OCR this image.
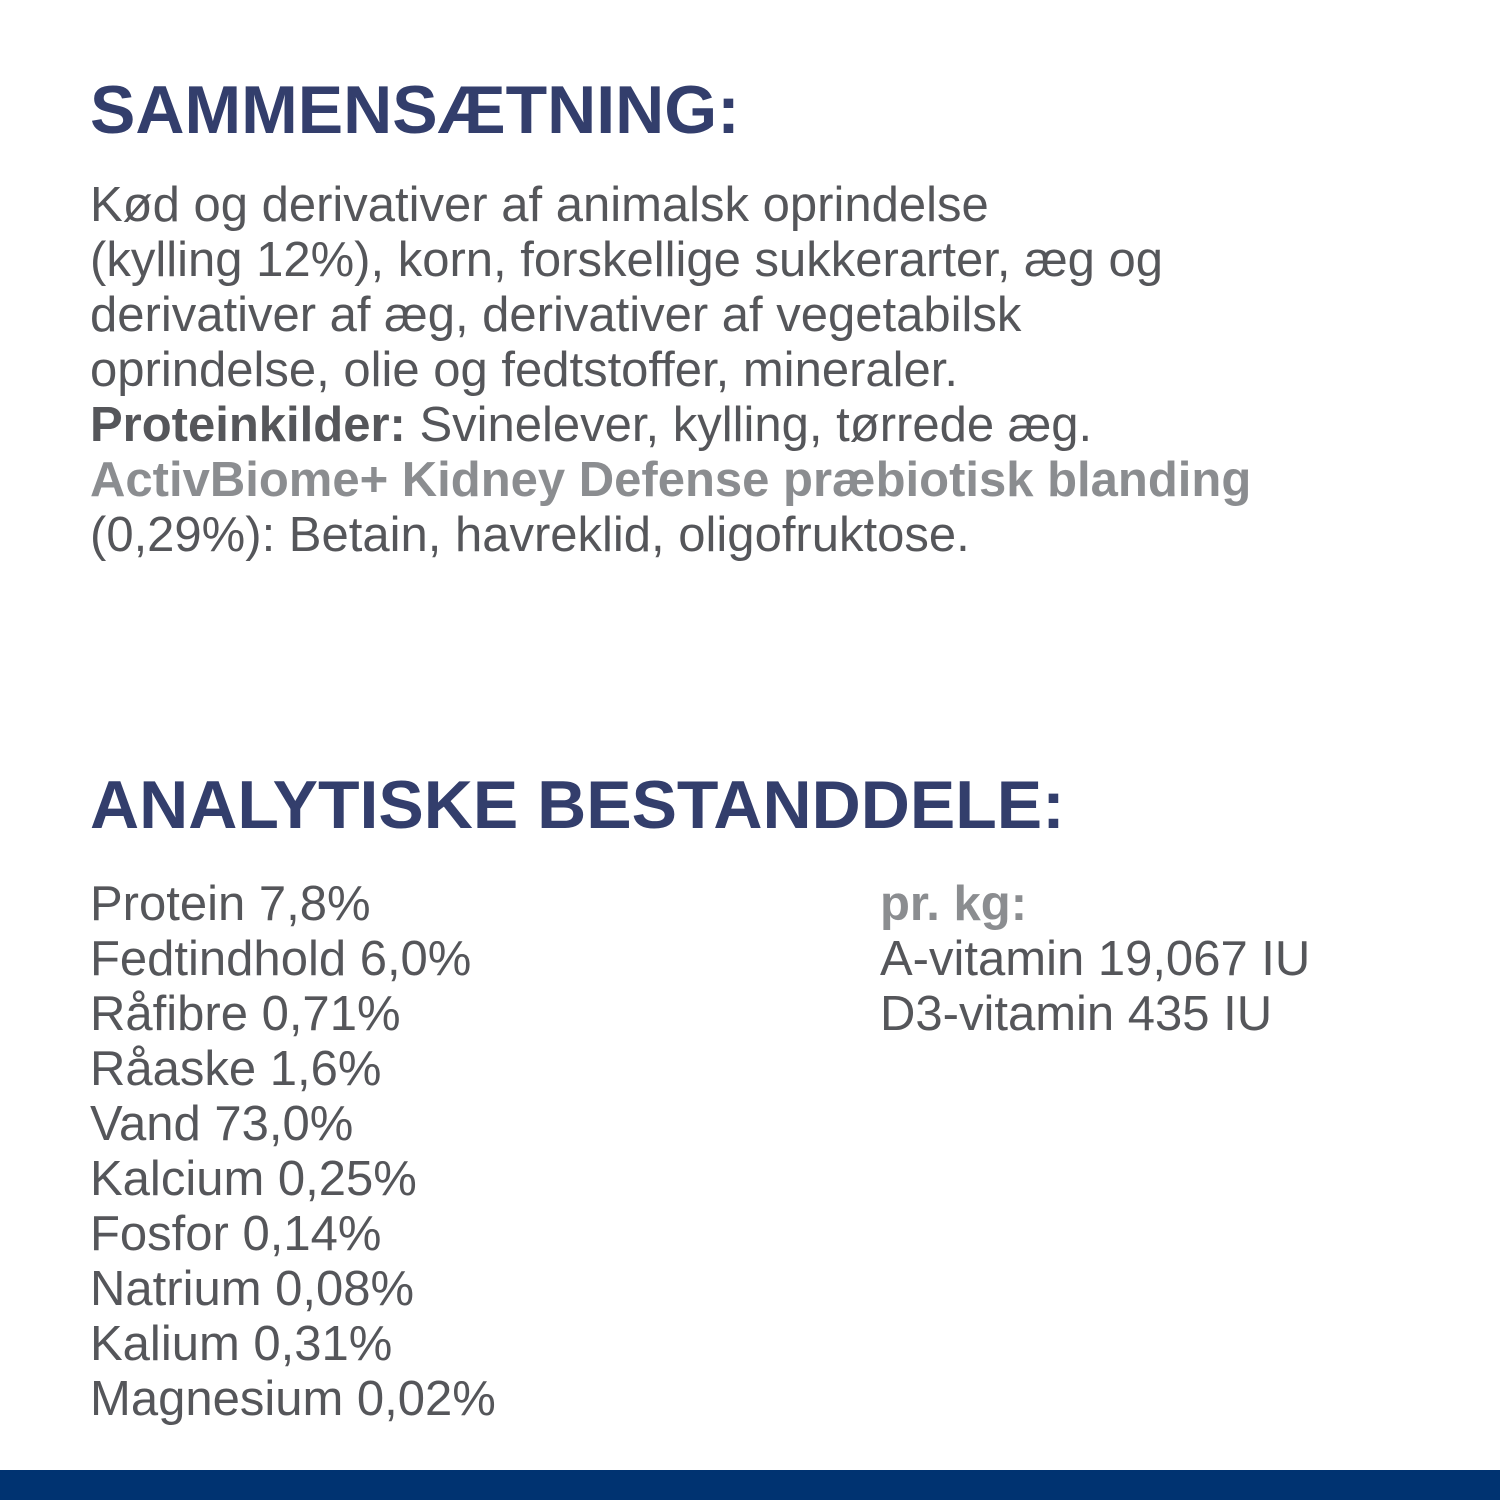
SAMMENSÆTNING:

Kød og derivativer af animalsk oprindelse
(kylling 12%), korn, forskellige sukkerarter, æg og
derivativer af æg, derivativer af vegetabilsk
oprindelse, olie og fedtstoffer, mineraler.
Proteinkilder: Svinelever, kylling, tørrede æg.
ActivBiome+ Kidney Defense præbiotisk blanding
(0,29%): Betain, havreklid, oligofruktose.

ANALYTISKE BESTANDDELE:
Protein 7,8%
Fedtindhold 6,0%
Råfibre 0,71%
Råaske 1,6%
Vand 73,0%
Kalcium 0,25%
Fosfor 0,14%
Natrium 0,08%
Kalium 0,31%
Magnesium 0,02%
pr. kg:
A-vitamin 19,067 IU
D3-vitamin 435 IU
